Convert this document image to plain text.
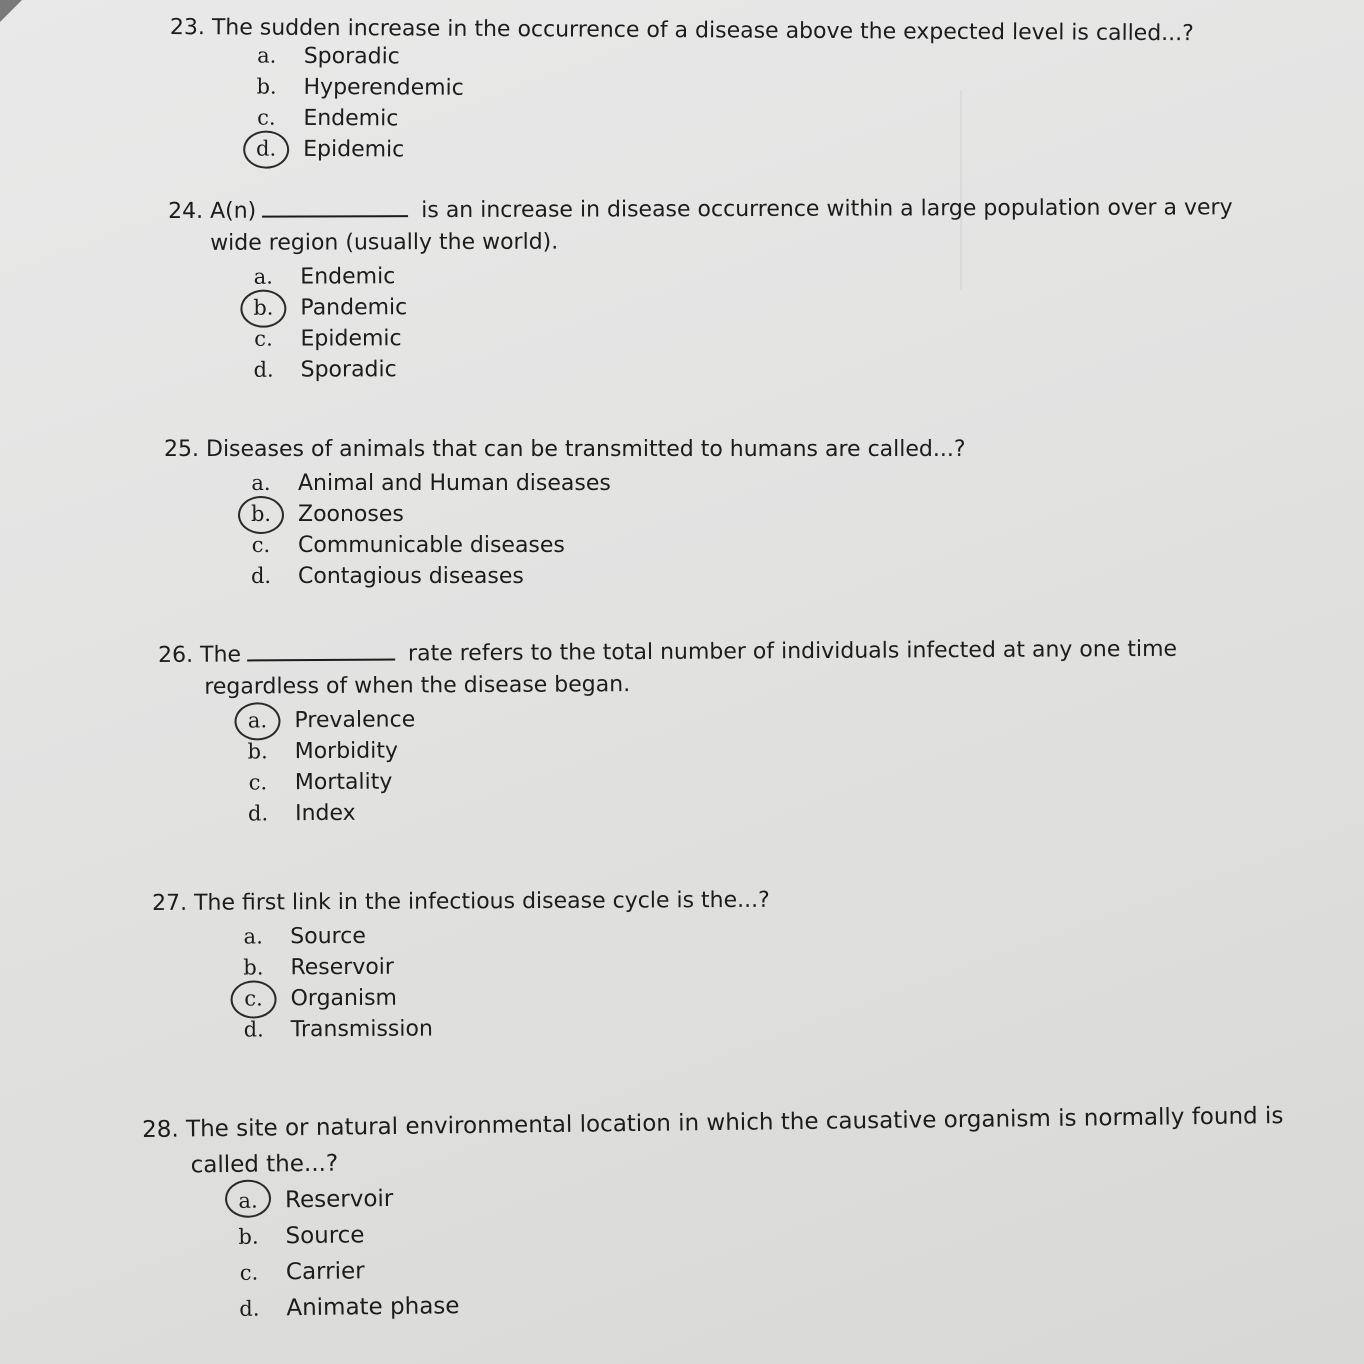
23. The sudden increase in the occurrence of a disease above the expected level is called...?
a.	Sporadic
b.	Hyperendemic
c.	Endemic
d.	Epidemic
24. A(n)	is an increase in disease occurrence within a large population over a very
wide region (usually the world).
a.	Endemic
b.	Pandemic
c.	Epidemic
d.	Sporadic
25. Diseases of animals that can be transmitted to humans are called...?
a.	Animal and Human diseases
b.	Zoonoses
c.	Communicable diseases
d.	Contagious diseases
26. The	rate refers to the total number of individuals infected at any one time
regardless of when the disease began.
a.	Prevalence
b.	Morbidity
c.	Mortality
d.	Index
27. The first link in the infectious disease cycle is the...?
a.	Source
b.	Reservoir
c.	Organism
d.	Transmission
28. The site or natural environmental location in which the causative organism is normally found is
called the...?
a.	Reservoir
b.	Source
c.	Carrier
d.	Animate phase
